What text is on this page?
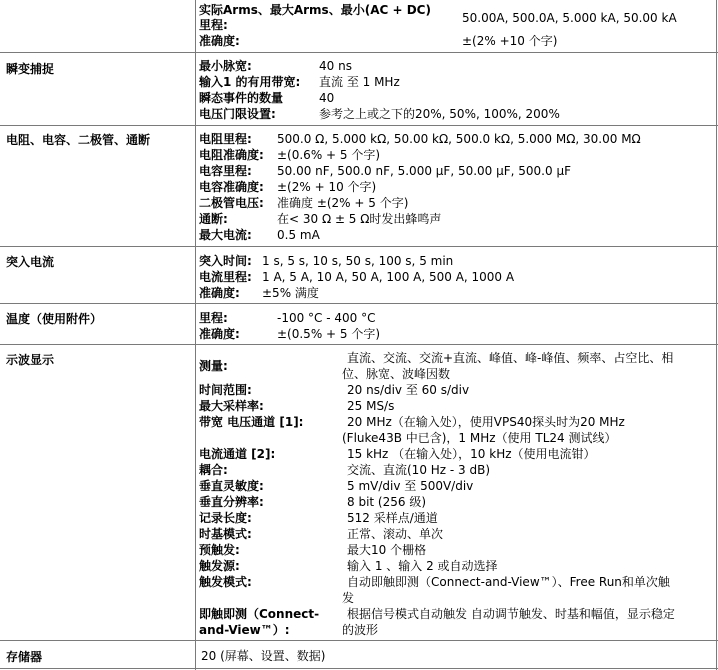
实际Arms、最大Arms、最小(AC + DC)
里程:	50.00A, 500.0A, 5.000 kA, 50.00 kA
准确度:	±(2% +10 个字)
瞬变捕捉	最小脉宽:	40 ns
输入1 的有用带宽: 直流 至 1 MHz
瞬态事件的数量	40
电压门限设置:	参考之上或之下的20%, 50%, 100%, 200%
电阻、电容、二极管、通断	电阻里程: 500.0 Ω, 5.000 kΩ, 50.00 kΩ, 500.0 kΩ, 5.000 MΩ, 30.00 MΩ
电阻准确度: ±(0.6% + 5 个字)
电容里程: 50.00 nF, 500.0 nF, 5.000 µF, 50.00 µF, 500.0 µF
电容准确度: ±(2% + 10 个字)
二极管电压: 准确度 ±(2% + 5 个字)
通断:	在< 30 Ω ± 5 Ω时发出蜂鸣声
最大电流: 0.5 mA
突入电流	突入时间: 1 s, 5 s, 10 s, 50 s, 100 s, 5 min
电流里程: 1 A, 5 A, 10 A, 50 A, 100 A, 500 A, 1000 A
准确度: ±5% 满度
温度（使用附件）	里程:	-100 °C - 400 °C
准确度:	±(0.5% + 5 个字)
示波显示	测量:
直流、交流、交流+直流、峰值、峰-峰值、频率、占空比、相
位、脉宽、波峰因数
时间范围:	20 ns/div 至 60 s/div
最大采样率:	25 MS/s
带宽 电压通道 [1]:	20 MHz（在输入处），使用VPS40探头时为20 MHz
(Fluke43B 中已含)，1 MHz（使用 TL24 测试线）
电流通道 [2]:	15 kHz （在输入处），10 kHz（使用电流钳）
耦合:	交流、直流(10 Hz - 3 dB)
垂直灵敏度:	5 mV/div 至 500V/div
垂直分辨率:	8 bit (256 级)
记录长度:	512 采样点/通道
时基模式:	正常、滚动、单次
预触发:	最大10 个栅格
触发源:	输入 1 、输入 2 或自动选择
触发模式:	自动即触即测（Connect-and-View™）、Free Run和单次触
发
即触即测（Connect-
and-View™）:
根据信号模式自动触发 自动调节触发、时基和幅值，显示稳定
的波形
存储器	20 (屏幕、设置、数据)
